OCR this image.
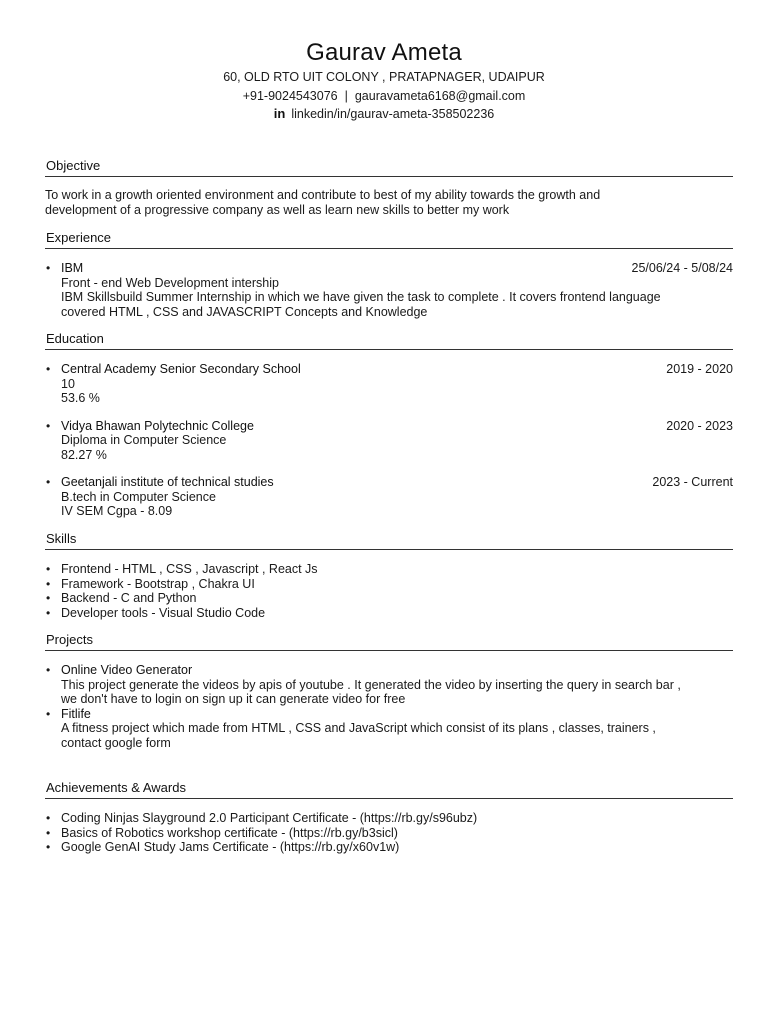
Gaurav Ameta
60, OLD RTO UIT COLONY , PRATAPNAGER, UDAIPUR
+91-9024543076 | gauravameta6168@gmail.com
in linkedin/in/gaurav-ameta-358502236
Objective
To work in a growth oriented environment and contribute to best of my ability towards the growth and
development of a progressive company as well as learn new skills to better my work
Experience
• IBM	25/06/24 - 5/08/24
Front - end Web Development intership
IBM Skillsbuild Summer Internship in which we have given the task to complete . It covers frontend language
covered HTML , CSS and JAVASCRIPT Concepts and Knowledge
Education
• Central Academy Senior Secondary School	2019 - 2020
10
53.6 %
• Vidya Bhawan Polytechnic College	2020 - 2023
Diploma in Computer Science
82.27 %
• Geetanjali institute of technical studies	2023 - Current
B.tech in Computer Science
IV SEM Cgpa - 8.09
Skills
• Frontend - HTML , CSS , Javascript , React Js
• Framework - Bootstrap , Chakra UI
• Backend - C and Python
• Developer tools - Visual Studio Code
Projects
• Online Video Generator
This project generate the videos by apis of youtube . It generated the video by inserting the query in search bar ,
we don't have to login on sign up it can generate video for free
• Fitlife
A fitness project which made from HTML , CSS and JavaScript which consist of its plans , classes, trainers ,
contact google form
Achievements & Awards
• Coding Ninjas Slayground 2.0 Participant Certificate - (https://rb.gy/s96ubz)
• Basics of Robotics workshop certificate - (https://rb.gy/b3sicl)
• Google GenAI Study Jams Certificate - (https://rb.gy/x60v1w)
